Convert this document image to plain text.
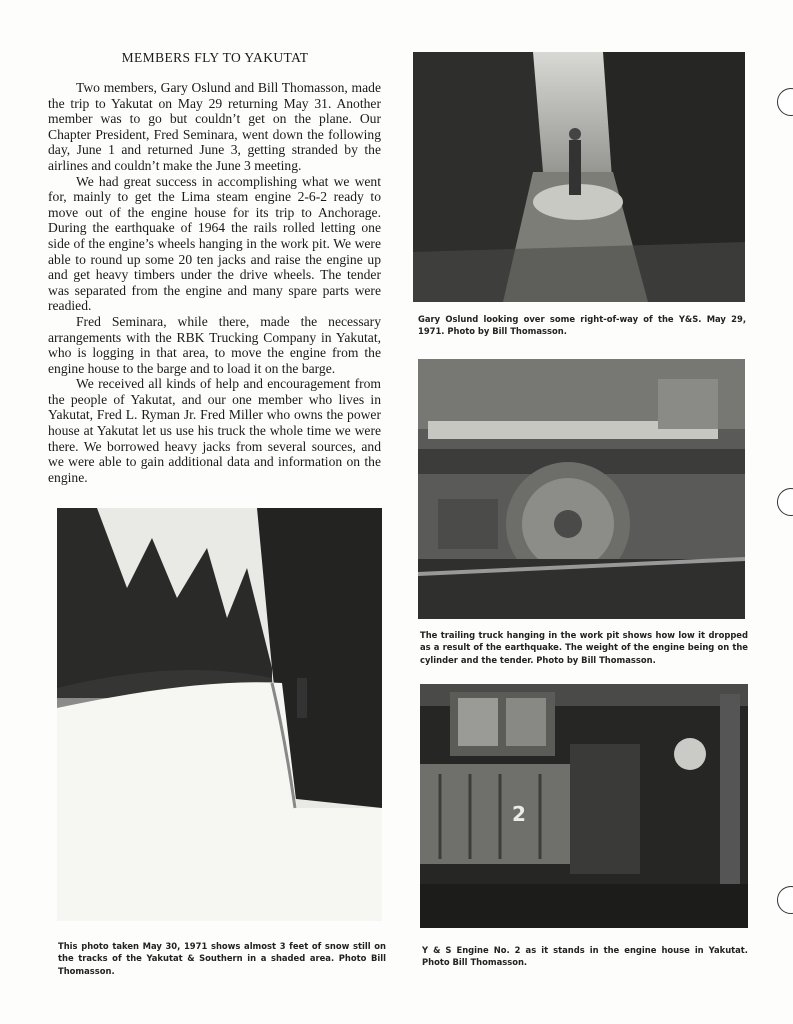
MEMBERS FLY TO YAKUTAT

Two members, Gary Oslund and Bill Thomasson, made the trip to Yakutat on May 29 returning May 31. Another member was to go but couldn’t get on the plane. Our Chapter President, Fred Seminara, went down the following day, June 1 and returned June 3, getting stranded by the airlines and couldn’t make the June 3 meeting.

We had great success in accomplishing what we went for, mainly to get the Lima steam engine 2-6-2 ready to move out of the engine house for its trip to Anchorage. During the earthquake of 1964 the rails rolled letting one side of the engine’s wheels hanging in the work pit. We were able to round up some 20 ten jacks and raise the engine up and get heavy timbers under the drive wheels. The tender was separated from the engine and many spare parts were readied.

Fred Seminara, while there, made the necessary arrangements with the RBK Trucking Company in Yakutat, who is logging in that area, to move the engine from the engine house to the barge and to load it on the barge.

We received all kinds of help and encouragement from the people of Yakutat, and our one member who lives in Yakutat, Fred L. Ryman Jr. Fred Miller who owns the power house at Yakutat let us use his truck the whole time we were there. We borrowed heavy jacks from several sources, and we were able to gain additional data and information on the engine.

Gary Oslund looking over some right-of-way of the Y&S. May 29, 1971. Photo by Bill Thomasson.
The trailing truck hanging in the work pit shows how low it dropped as a result of the earthquake. The weight of the engine being on the cylinder and the tender. Photo by Bill Thomasson.
This photo taken May 30, 1971 shows almost 3 feet of snow still on the tracks of the Yakutat & Southern in a shaded area. Photo Bill Thomasson.
2
Y & S Engine No. 2 as it stands in the engine house in Yakutat. Photo Bill Thomasson.
